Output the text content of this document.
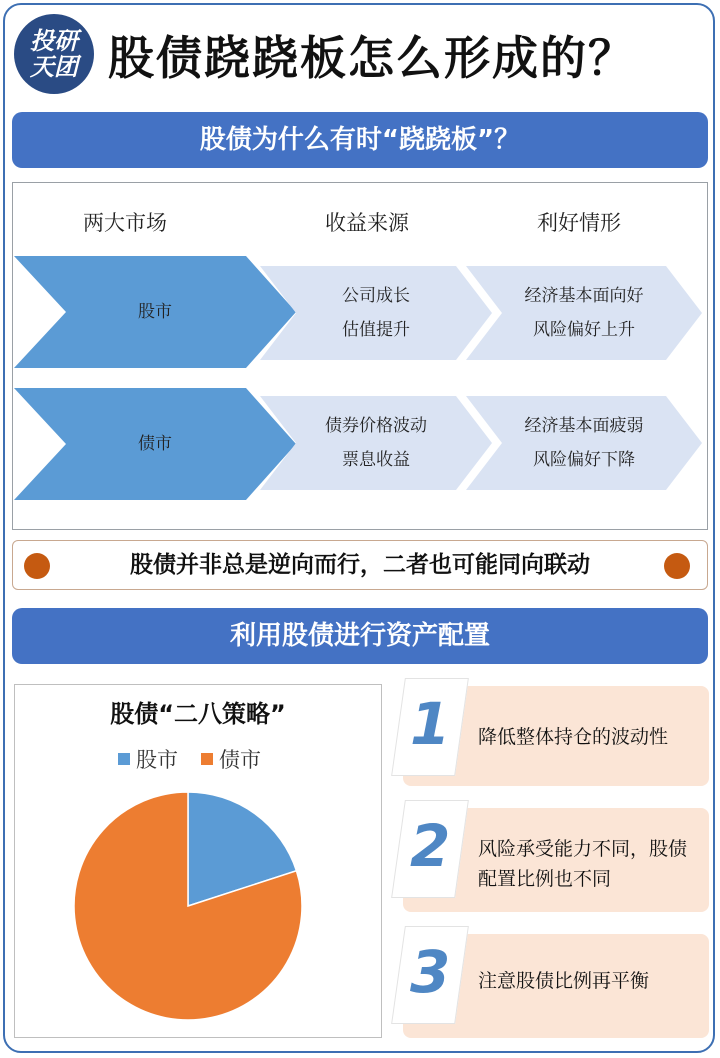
投研
天团 股债跷跷板怎么形成的？
股债为什么有时“跷跷板”？
两大市场	收益来源	利好情形
股市
公司成长
估值提升
经济基本面向好
风险偏好上升
债市
债券价格波动
票息收益
经济基本面疲弱
风险偏好下降
股债并非总是逆向而行，二者也可能同向联动
利用股债进行资产配置
股债“二八策略”
股市 债市
1 降低整体持仓的波动性
2 风险承受能力不同，股债配置比例也不同
3 注意股债比例再平衡
